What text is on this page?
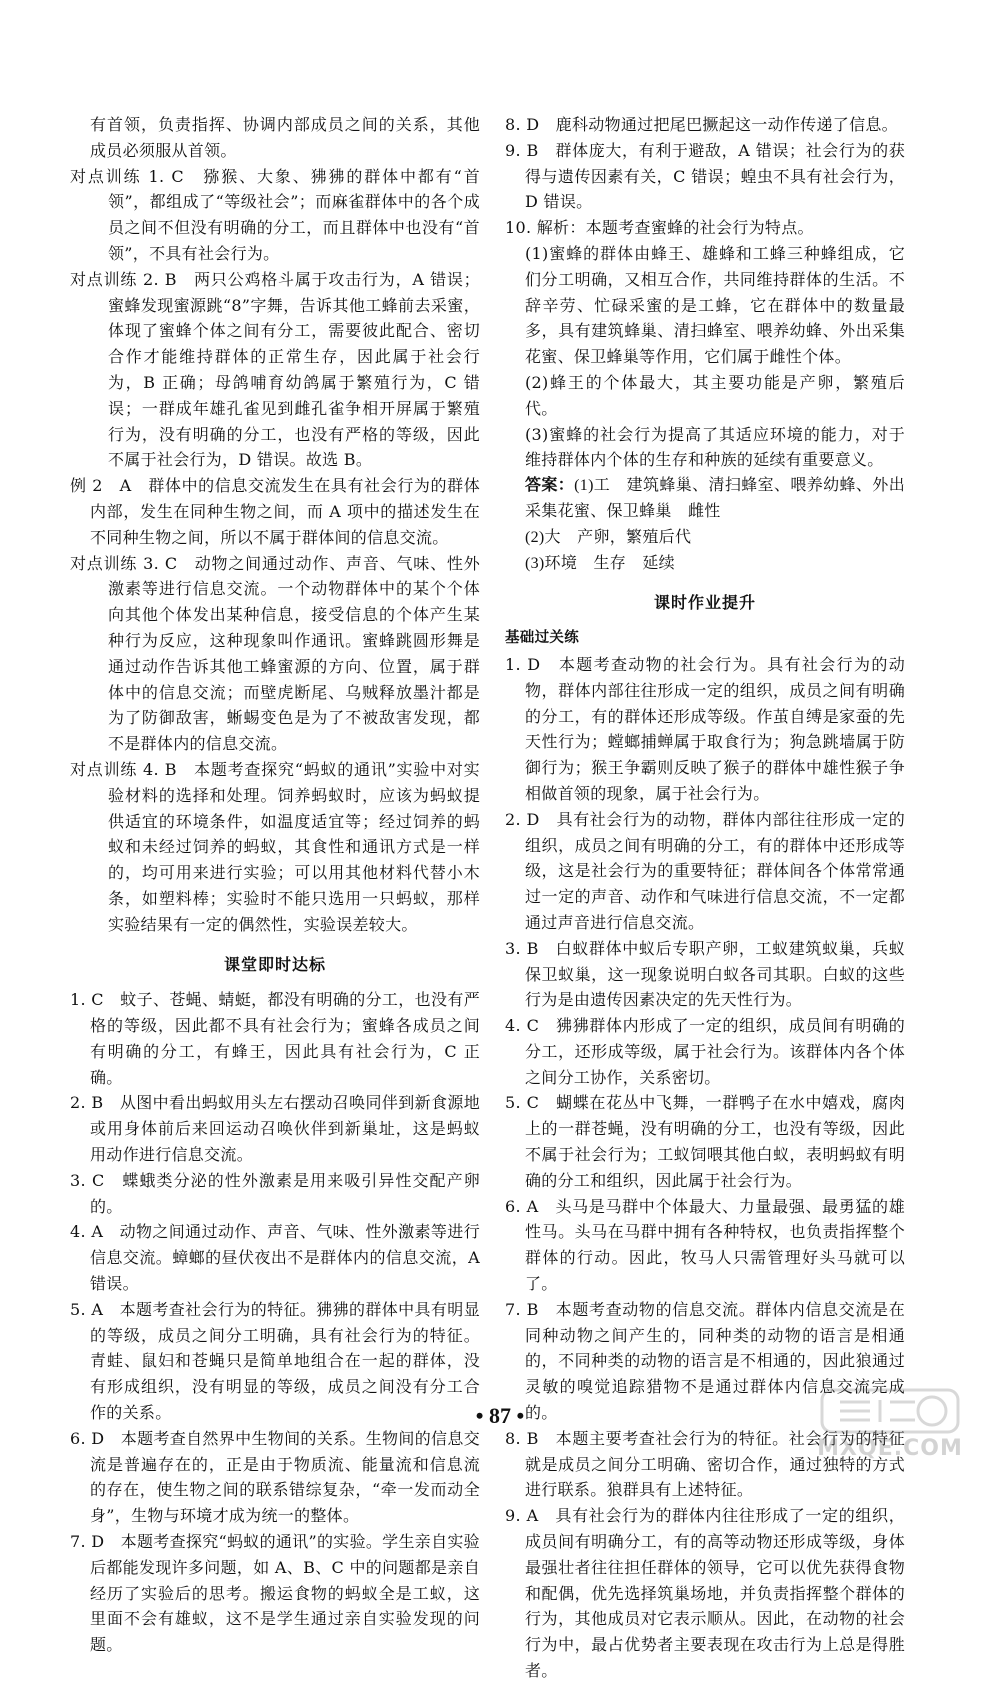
有首领，负责指挥、协调内部成员之间的关系，其他成员必须服从首领。

对点训练 1. C　猕猴、大象、狒狒的群体中都有“首领”，都组成了“等级社会”；而麻雀群体中的各个成员之间不但没有明确的分工，而且群体中也没有“首领”，不具有社会行为。

对点训练 2. B　两只公鸡格斗属于攻击行为，A 错误；蜜蜂发现蜜源跳“8”字舞，告诉其他工蜂前去采蜜，体现了蜜蜂个体之间有分工，需要彼此配合、密切合作才能维持群体的正常生存，因此属于社会行为，B 正确；母鸽哺育幼鸽属于繁殖行为，C 错误；一群成年雄孔雀见到雌孔雀争相开屏属于繁殖行为，没有明确的分工，也没有严格的等级，因此不属于社会行为，D 错误。故选 B。

例 2　A　群体中的信息交流发生在具有社会行为的群体内部，发生在同种生物之间，而 A 项中的描述发生在不同种生物之间，所以不属于群体间的信息交流。

对点训练 3. C　动物之间通过动作、声音、气味、性外激素等进行信息交流。一个动物群体中的某个个体向其他个体发出某种信息，接受信息的个体产生某种行为反应，这种现象叫作通讯。蜜蜂跳圆形舞是通过动作告诉其他工蜂蜜源的方向、位置，属于群体中的信息交流；而壁虎断尾、乌贼释放墨汁都是为了防御敌害，蜥蜴变色是为了不被敌害发现，都不是群体内的信息交流。

对点训练 4. B　本题考查探究“蚂蚁的通讯”实验中对实验材料的选择和处理。饲养蚂蚁时，应该为蚂蚁提供适宜的环境条件，如温度适宜等；经过饲养的蚂蚁和未经过饲养的蚂蚁，其食性和通讯方式是一样的，均可用来进行实验；可以用其他材料代替小木条，如塑料棒；实验时不能只选用一只蚂蚁，那样实验结果有一定的偶然性，实验误差较大。

课堂即时达标

1. C　蚊子、苍蝇、蜻蜓，都没有明确的分工，也没有严格的等级，因此都不具有社会行为；蜜蜂各成员之间有明确的分工，有蜂王，因此具有社会行为，C 正确。

2. B　从图中看出蚂蚁用头左右摆动召唤同伴到新食源地或用身体前后来回运动召唤伙伴到新巢址，这是蚂蚁用动作进行信息交流。

3. C　蝶蛾类分泌的性外激素是用来吸引异性交配产卵的。

4. A　动物之间通过动作、声音、气味、性外激素等进行信息交流。蟑螂的昼伏夜出不是群体内的信息交流，A 错误。

5. A　本题考查社会行为的特征。狒狒的群体中具有明显的等级，成员之间分工明确，具有社会行为的特征。青蛙、鼠妇和苍蝇只是简单地组合在一起的群体，没有形成组织，没有明显的等级，成员之间没有分工合作的关系。

6. D　本题考查自然界中生物间的关系。生物间的信息交流是普遍存在的，正是由于物质流、能量流和信息流的存在，使生物之间的联系错综复杂，“牵一发而动全身”，生物与环境才成为统一的整体。

7. D　本题考查探究“蚂蚁的通讯”的实验。学生亲自实验后都能发现许多问题，如 A、B、C 中的问题都是亲自经历了实验后的思考。搬运食物的蚂蚁全是工蚁，这里面不会有雄蚁，这不是学生通过亲自实验发现的问题。

8. D　鹿科动物通过把尾巴撅起这一动作传递了信息。

9. B　群体庞大，有利于避敌，A 错误；社会行为的获得与遗传因素有关，C 错误；蝗虫不具有社会行为，D 错误。

10. 解析：本题考查蜜蜂的社会行为特点。

(1)蜜蜂的群体由蜂王、雄蜂和工蜂三种蜂组成，它们分工明确，又相互合作，共同维持群体的生活。不辞辛劳、忙碌采蜜的是工蜂，它在群体中的数量最多，具有建筑蜂巢、清扫蜂室、喂养幼蜂、外出采集花蜜、保卫蜂巢等作用，它们属于雌性个体。

(2)蜂王的个体最大，其主要功能是产卵，繁殖后代。

(3)蜜蜂的社会行为提高了其适应环境的能力，对于维持群体内个体的生存和种族的延续有重要意义。

答案：(1)工　建筑蜂巢、清扫蜂室、喂养幼蜂、外出采集花蜜、保卫蜂巢　雌性

(2)大　产卵，繁殖后代

(3)环境　生存　延续

课时作业提升
基础过关练

1. D　本题考查动物的社会行为。具有社会行为的动物，群体内部往往形成一定的组织，成员之间有明确的分工，有的群体还形成等级。作茧自缚是家蚕的先天性行为；螳螂捕蝉属于取食行为；狗急跳墙属于防御行为；猴王争霸则反映了猴子的群体中雄性猴子争相做首领的现象，属于社会行为。

2. D　具有社会行为的动物，群体内部往往形成一定的组织，成员之间有明确的分工，有的群体中还形成等级，这是社会行为的重要特征；群体间各个体常常通过一定的声音、动作和气味进行信息交流，不一定都通过声音进行信息交流。

3. B　白蚁群体中蚁后专职产卵，工蚁建筑蚁巢，兵蚁保卫蚁巢，这一现象说明白蚁各司其职。白蚁的这些行为是由遗传因素决定的先天性行为。

4. C　狒狒群体内形成了一定的组织，成员间有明确的分工，还形成等级，属于社会行为。该群体内各个体之间分工协作，关系密切。

5. C　蝴蝶在花丛中飞舞，一群鸭子在水中嬉戏，腐肉上的一群苍蝇，没有明确的分工，也没有等级，因此不属于社会行为；工蚁饲喂其他白蚁，表明蚂蚁有明确的分工和组织，因此属于社会行为。

6. A　头马是马群中个体最大、力量最强、最勇猛的雄性马。头马在马群中拥有各种特权，也负责指挥整个群体的行动。因此，牧马人只需管理好头马就可以了。

7. B　本题考查动物的信息交流。群体内信息交流是在同种动物之间产生的，同种类的动物的语言是相通的，不同种类的动物的语言是不相通的，因此狼通过灵敏的嗅觉追踪猎物不是通过群体内信息交流完成的。

8. B　本题主要考查社会行为的特征。社会行为的特征就是成员之间分工明确、密切合作，通过独特的方式进行联系。狼群具有上述特征。

9. A　具有社会行为的群体内往往形成了一定的组织，成员间有明确分工，有的高等动物还形成等级，身体最强壮者往往担任群体的领导，它可以优先获得食物和配偶，优先选择筑巢场地，并负责指挥整个群体的行为，其他成员对它表示顺从。因此，在动物的社会行为中，最占优势者主要表现在攻击行为上总是得胜者。

• 87 •
MXQE.COM
